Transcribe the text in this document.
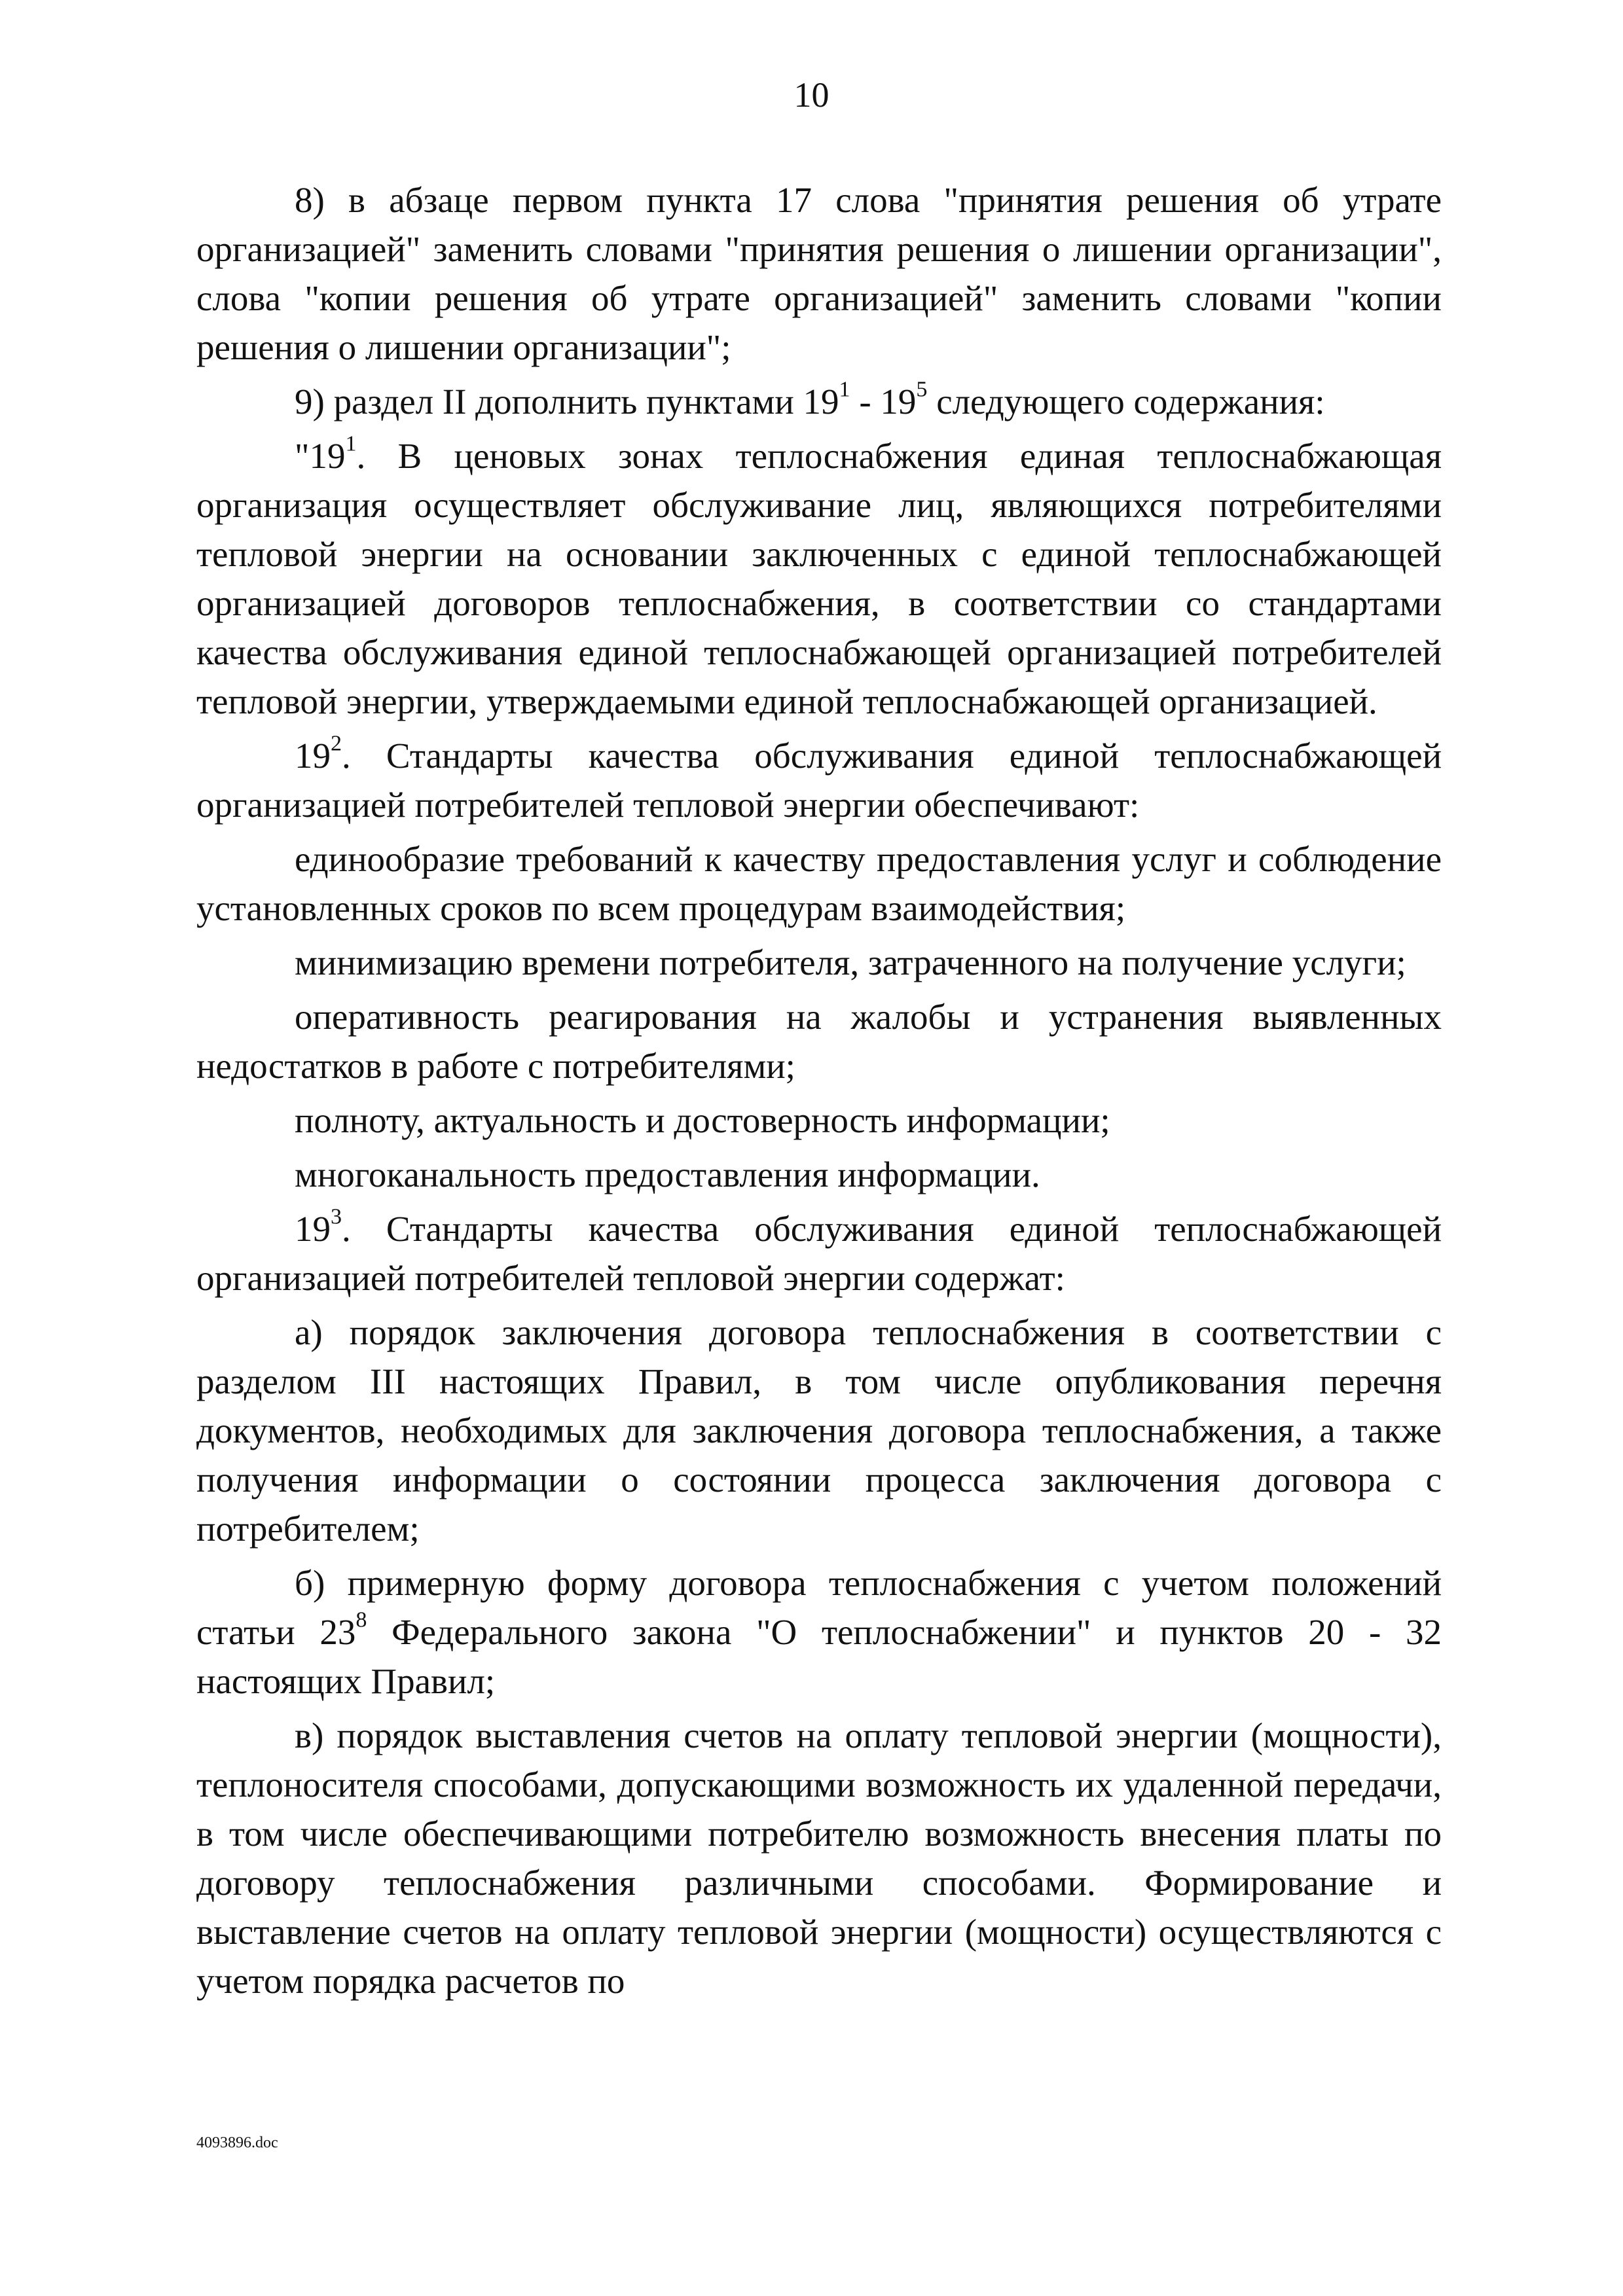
10

8) в абзаце первом пункта 17 слова "принятия решения об утрате организацией" заменить словами "принятия решения о лишении организации", слова "копии решения об утрате организацией" заменить словами "копии решения о лишении организации";

9) раздел II дополнить пунктами $19^1 - 19^5$ следующего содержания:

"$19^1$. В ценовых зонах теплоснабжения единая теплоснабжающая организация осуществляет обслуживание лиц, являющихся потребителями тепловой энергии на основании заключенных с единой теплоснабжающей организацией договоров теплоснабжения, в соответствии со стандартами качества обслуживания единой теплоснабжающей организацией потребителей тепловой энергии, утверждаемыми единой теплоснабжающей организацией.

$19^2$. Стандарты качества обслуживания единой теплоснабжающей организацией потребителей тепловой энергии обеспечивают:

единообразие требований к качеству предоставления услуг и соблюдение установленных сроков по всем процедурам взаимодействия;

минимизацию времени потребителя, затраченного на получение услуги;

оперативность реагирования на жалобы и устранения выявленных недостатков в работе с потребителями;

полноту, актуальность и достоверность информации;

многоканальность предоставления информации.

$19^3$. Стандарты качества обслуживания единой теплоснабжающей организацией потребителей тепловой энергии содержат:

а) порядок заключения договора теплоснабжения в соответствии с разделом III настоящих Правил, в том числе опубликования перечня документов, необходимых для заключения договора теплоснабжения, а также получения информации о состоянии процесса заключения договора с потребителем;

б) примерную форму договора теплоснабжения с учетом положений статьи $23^8$ Федерального закона "О теплоснабжении" и пунктов 20 - 32 настоящих Правил;

в) порядок выставления счетов на оплату тепловой энергии (мощности), теплоносителя способами, допускающими возможность их удаленной передачи, в том числе обеспечивающими потребителю возможность внесения платы по договору теплоснабжения различными способами. Формирование и выставление счетов на оплату тепловой энергии (мощности) осуществляются с учетом порядка расчетов по

4093896.doc
